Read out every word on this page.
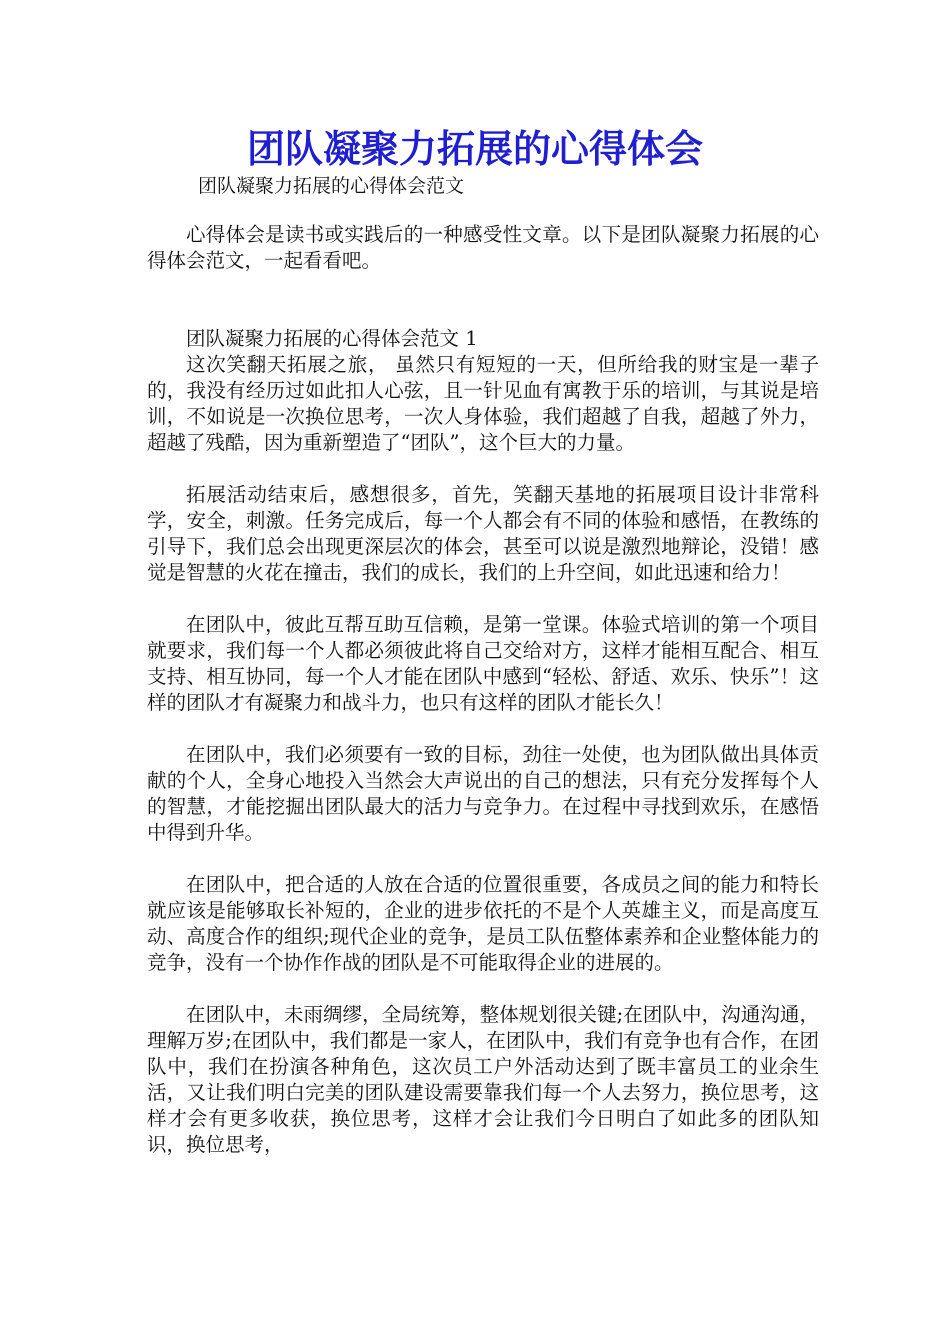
团队凝聚力拓展的心得体会

团队凝聚力拓展的心得体会范文

心得体会是读书或实践后的一种感受性文章。以下是团队凝聚力拓展的心得体会范文，一起看看吧。

团队凝聚力拓展的心得体会范文 1

这次笑翻天拓展之旅， 虽然只有短短的一天，但所给我的财宝是一辈子的，我没有经历过如此扣人心弦，且一针见血有寓教于乐的培训，与其说是培训，不如说是一次换位思考，一次人身体验，我们超越了自我，超越了外力，超越了残酷，因为重新塑造了“团队”，这个巨大的力量。

拓展活动结束后，感想很多，首先，笑翻天基地的拓展项目设计非常科学，安全，刺激。任务完成后，每一个人都会有不同的体验和感悟，在教练的引导下，我们总会出现更深层次的体会，甚至可以说是激烈地辩论，没错！感觉是智慧的火花在撞击，我们的成长，我们的上升空间，如此迅速和给力！

在团队中，彼此互帮互助互信赖，是第一堂课。体验式培训的第一个项目就要求，我们每一个人都必须彼此将自己交给对方，这样才能相互配合、相互支持、相互协同，每一个人才能在团队中感到“轻松、舒适、欢乐、快乐”！这样的团队才有凝聚力和战斗力，也只有这样的团队才能长久！

在团队中，我们必须要有一致的目标，劲往一处使，也为团队做出具体贡献的个人，全身心地投入当然会大声说出的自己的想法，只有充分发挥每个人的智慧，才能挖掘出团队最大的活力与竞争力。在过程中寻找到欢乐，在感悟中得到升华。

在团队中，把合适的人放在合适的位置很重要，各成员之间的能力和特长就应该是能够取长补短的，企业的进步依托的不是个人英雄主义，而是高度互动、高度合作的组织;现代企业的竞争，是员工队伍整体素养和企业整体能力的竞争，没有一个协作作战的团队是不可能取得企业的进展的。

在团队中，未雨绸缪，全局统筹，整体规划很关键;在团队中，沟通沟通，理解万岁;在团队中，我们都是一家人，在团队中，我们有竞争也有合作，在团队中，我们在扮演各种角色，这次员工户外活动达到了既丰富员工的业余生活，又让我们明白完美的团队建设需要靠我们每一个人去努力，换位思考，这样才会有更多收获，换位思考，这样才会让我们今日明白了如此多的团队知识，换位思考，
